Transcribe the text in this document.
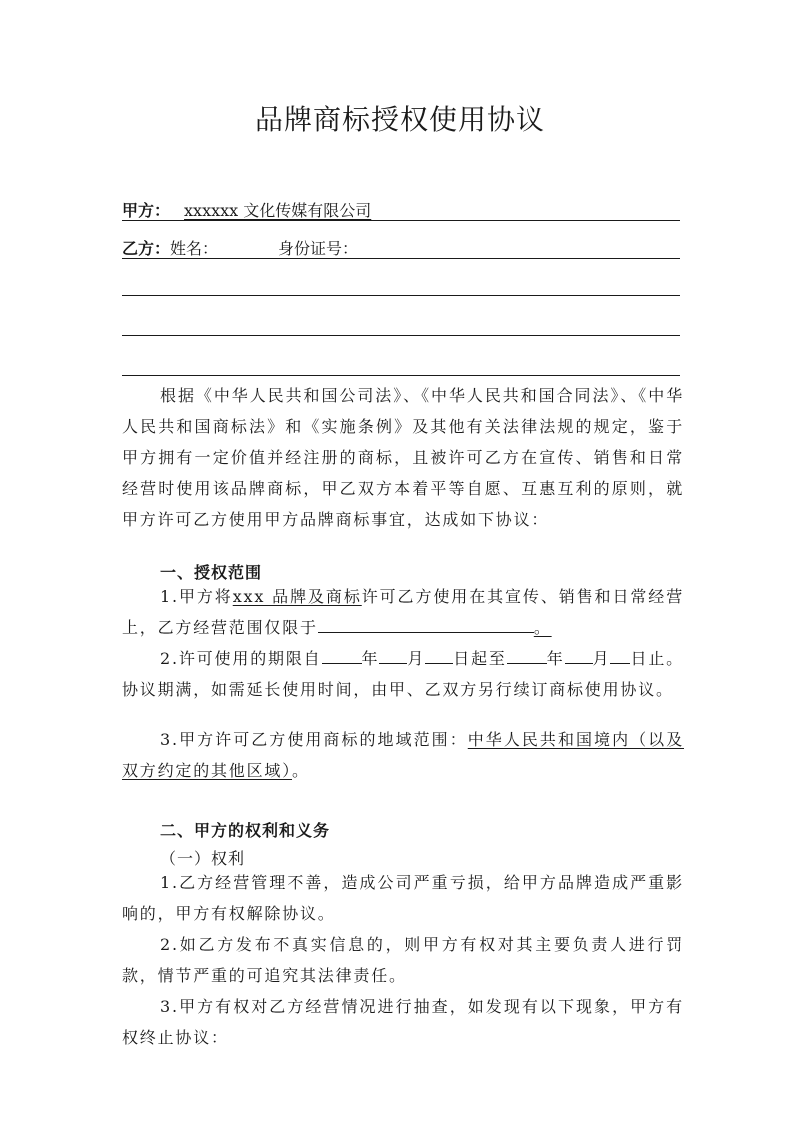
品牌商标授权使用协议
甲方： xxxxxx 文化传媒有限公司
乙方：姓名：	身份证号：
根据《中华人民共和国公司法》、《中华人民共和国合同法》、《中华人民共和国商标法》和《实施条例》及其他有关法律法规的规定，鉴于甲方拥有一定价值并经注册的商标，且被许可乙方在宣传、销售和日常经营时使用该品牌商标，甲乙双方本着平等自愿、互惠互利的原则，就甲方许可乙方使用甲方品牌商标事宜，达成如下协议：
一、授权范围
1.甲方将xxx 品牌及商标许可乙方使用在其宣传、销售和日常经营上，乙方经营范围仅限于	。
2.许可使用的期限自	年 月 日起至	年 月 日止。协议期满，如需延长使用时间，由甲、乙双方另行续订商标使用协议。
3.甲方许可乙方使用商标的地域范围：中华人民共和国境内（以及双方约定的其他区域）。
二、甲方的权利和义务
（一）权利
1.乙方经营管理不善，造成公司严重亏损，给甲方品牌造成严重影响的，甲方有权解除协议。
2.如乙方发布不真实信息的，则甲方有权对其主要负责人进行罚款，情节严重的可追究其法律责任。
3.甲方有权对乙方经营情况进行抽查，如发现有以下现象，甲方有权终止协议：
